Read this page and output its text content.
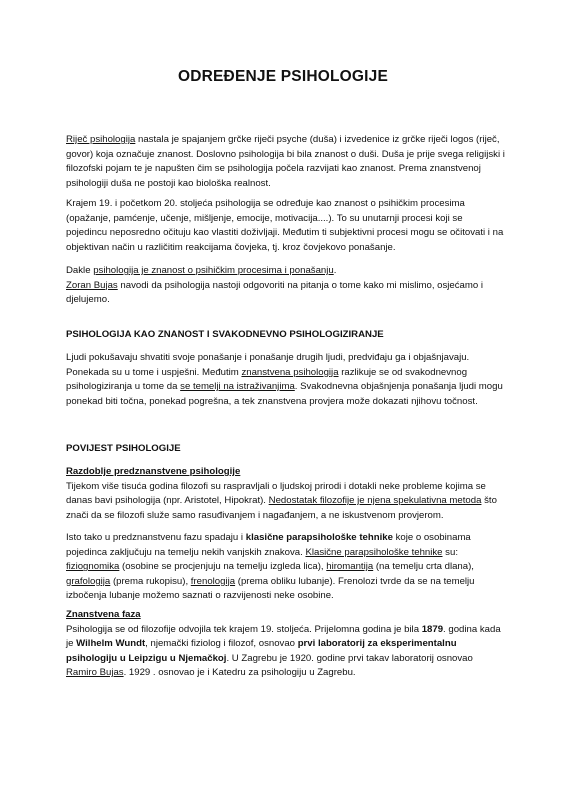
ODREĐENJE PSIHOLOGIJE

Riječ psihologija nastala je spajanjem grčke riječi psyche (duša) i izvedenice iz grčke riječi logos (riječ, govor) koja označuje znanost. Doslovno psihologija bi bila znanost o duši. Duša je prije svega religijski i filozofski pojam te je napušten čim se psihologija počela razvijati kao znanost. Prema znanstvenoj psihologiji duša ne postoji kao biološka realnost.

Krajem 19. i početkom 20. stoljeća psihologija se određuje kao znanost o psihičkim procesima (opažanje, pamćenje, učenje, mišljenje, emocije, motivacija....). To su unutarnji procesi koji se pojedincu neposredno očituju kao vlastiti doživljaji. Međutim ti subjektivni procesi mogu se očitovati i na objektivan način u različitim reakcijama čovjeka, tj. kroz čovjekovo ponašanje.

Dakle psihologija je znanost o psihičkim procesima i ponašanju.
Zoran Bujas navodi da psihologija nastoji odgovoriti na pitanja o tome kako mi mislimo, osjećamo i djelujemo.

PSIHOLOGIJA KAO ZNANOST I SVAKODNEVNO PSIHOLOGIZIRANJE

Ljudi pokušavaju shvatiti svoje ponašanje i ponašanje drugih ljudi, predviđaju ga i objašnjavaju. Ponekada su u tome i uspješni. Međutim znanstvena psihologija razlikuje se od svakodnevnog psihologiziranja u tome da se temelji na istraživanjima. Svakodnevna objašnjenja ponašanja ljudi mogu ponekad biti točna, ponekad pogrešna, a tek znanstvena provjera može dokazati njihovu točnost.

POVIJEST PSIHOLOGIJE

Razdoblje predznanstvene psihologije
Tijekom više tisuća godina filozofi su raspravljali o ljudskoj prirodi i dotakli neke probleme kojima se danas bavi psihologija (npr. Aristotel, Hipokrat). Nedostatak filozofije je njena spekulativna metoda što znači da se filozofi služe samo rasuđivanjem i nagađanjem, a ne iskustvenom provjerom.

Isto tako u predznanstvenu fazu spadaju i klasične parapsihološke tehnike koje o osobinama pojedinca zaključuju na temelju nekih vanjskih znakova. Klasične parapsihološke tehnike su: fiziognomika (osobine se procjenjuju na temelju izgleda lica), hiromantija (na temelju crta dlana), grafologija (prema rukopisu), frenologija (prema obliku lubanje). Frenolozi tvrde da se na temelju izbočenja lubanje možemo saznati o razvijenosti neke osobine.

Znanstvena faza
Psihologija se od filozofije odvojila tek krajem 19. stoljeća. Prijelomna godina je bila 1879. godina kada je Wilhelm Wundt, njemački fiziolog i filozof, osnovao prvi laboratorij za eksperimentalnu psihologiju u Leipzigu u Njemačkoj. U Zagrebu je 1920. godine prvi takav laboratorij osnovao Ramiro Bujas. 1929 . osnovao je i Katedru za psihologiju u Zagrebu.
